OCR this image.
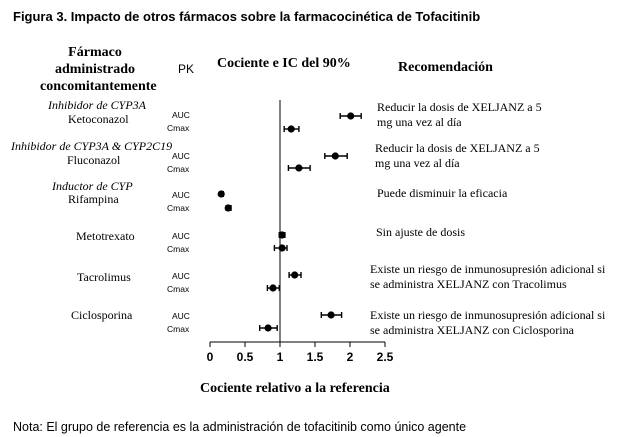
Figura 3. Impacto de otros fármacos sobre la farmacocinética de Tofacitinib
Fármaco
administrado
concomitantemente
PK Cociente e IC del 90%	Recomendación
Inhibidor de CYP3A
Ketoconazol	AUC
Cmax
Reducir la dosis de XELJANZ a 5
mg una vez al día
Inhibidor de CYP3A & CYP2C19
Fluconazol	AUC
Cmax
Reducir la dosis de XELJANZ a 5
mg una vez al día
Inductor de CYP
Rifampina	AUC
Cmax
Puede disminuir la eficacia
Metotrexato	AUC
Cmax
Sin ajuste de dosis
Tacrolimus	AUC
Cmax
Existe un riesgo de inmunosupresión adicional si
se administra XELJANZ con Tracolimus
Ciclosporina	AUC
Cmax
Existe un riesgo de inmunosupresión adicional si
se administra XELJANZ con Ciclosporina
0 0.5 1 1.5 2 2.5
Cociente relativo a la referencia
Nota: El grupo de referencia es la administración de tofacitinib como único agente
